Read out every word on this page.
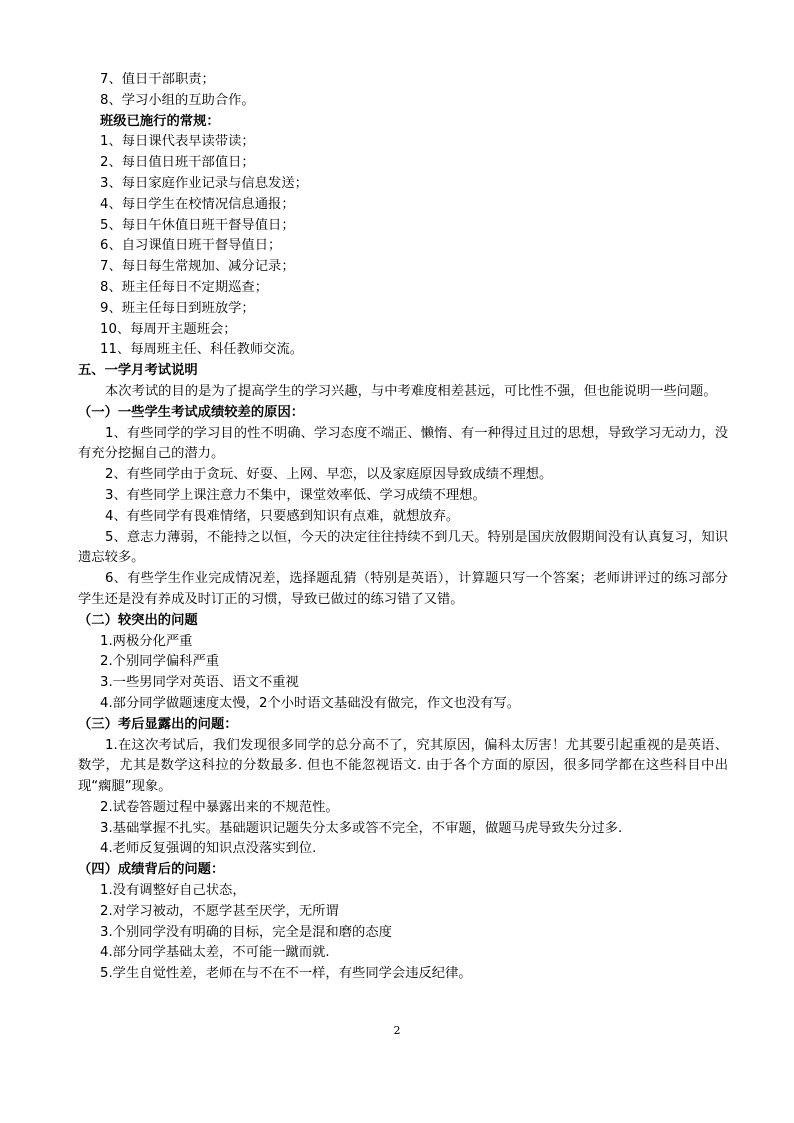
7、值日干部职责；
8、学习小组的互助合作。
班级已施行的常规：
1、每日课代表早读带读；
2、每日值日班干部值日；
3、每日家庭作业记录与信息发送；
4、每日学生在校情况信息通报；
5、每日午休值日班干督导值日；
6、自习课值日班干督导值日；
7、每日每生常规加、减分记录；
8、班主任每日不定期巡查；
9、班主任每日到班放学；
10、每周开主题班会；
11、每周班主任、科任教师交流。
五、一学月考试说明
本次考试的目的是为了提高学生的学习兴趣，与中考难度相差甚远，可比性不强，但也能说明一些问题。
（一）一些学生考试成绩较差的原因：
1、有些同学的学习目的性不明确、学习态度不端正、懒惰、有一种得过且过的思想，导致学习无动力，没有充分挖掘自己的潜力。
2、有些同学由于贪玩、好耍、上网、早恋，以及家庭原因导致成绩不理想。
3、有些同学上课注意力不集中，课堂效率低、学习成绩不理想。
4、有些同学有畏难情绪，只要感到知识有点难，就想放弃。
5、意志力薄弱，不能持之以恒，今天的决定往往持续不到几天。特别是国庆放假期间没有认真复习，知识遗忘较多。
6、有些学生作业完成情况差，选择题乱猜（特别是英语），计算题只写一个答案；老师讲评过的练习部分学生还是没有养成及时订正的习惯，导致已做过的练习错了又错。
（二）较突出的问题
1.两极分化严重
2.个别同学偏科严重
3.一些男同学对英语、语文不重视
4.部分同学做题速度太慢，2个小时语文基础没有做完，作文也没有写。
（三）考后显露出的问题：
1.在这次考试后，我们发现很多同学的总分高不了，究其原因，偏科太厉害！尤其要引起重视的是英语、数学，尤其是数学这科拉的分数最多. 但也不能忽视语文. 由于各个方面的原因，很多同学都在这些科目中出现“瘸腿”现象。
2.试卷答题过程中暴露出来的不规范性。
3.基础掌握不扎实。基础题识记题失分太多或答不完全，不审题，做题马虎导致失分过多.
4.老师反复强调的知识点没落实到位.
（四）成绩背后的问题：
1.没有调整好自己状态，
2.对学习被动，不愿学甚至厌学，无所谓
3.个别同学没有明确的目标，完全是混和磨的态度
4.部分同学基础太差，不可能一蹴而就.
5.学生自觉性差，老师在与不在不一样，有些同学会违反纪律。
2
